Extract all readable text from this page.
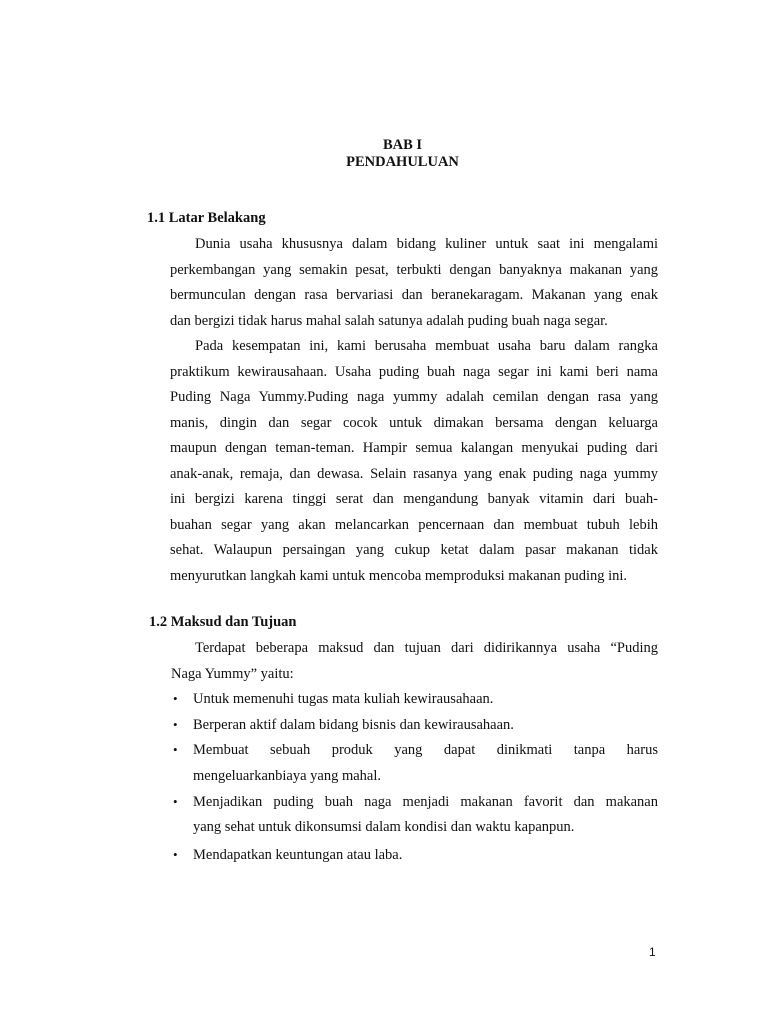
BAB I
PENDAHULUAN
1.1 Latar Belakang
Dunia usaha khususnya dalam bidang kuliner untuk saat ini mengalami
perkembangan yang semakin pesat, terbukti dengan banyaknya makanan yang
bermunculan dengan rasa bervariasi dan beranekaragam. Makanan yang enak
dan bergizi tidak harus mahal salah satunya adalah puding buah naga segar.
Pada kesempatan ini, kami berusaha membuat usaha baru dalam rangka
praktikum kewirausahaan. Usaha puding buah naga segar ini kami beri nama
Puding Naga Yummy.Puding naga yummy adalah cemilan dengan rasa yang
manis, dingin dan segar cocok untuk dimakan bersama dengan keluarga
maupun dengan teman-teman. Hampir semua kalangan menyukai puding dari
anak-anak, remaja, dan dewasa. Selain rasanya yang enak puding naga yummy
ini bergizi karena tinggi serat dan mengandung banyak vitamin dari buah-
buahan segar yang akan melancarkan pencernaan dan membuat tubuh lebih
sehat. Walaupun persaingan yang cukup ketat dalam pasar makanan tidak
menyurutkan langkah kami untuk mencoba memproduksi makanan puding ini.
1.2 Maksud dan Tujuan
Terdapat beberapa maksud dan tujuan dari didirikannya usaha “Puding
Naga Yummy” yaitu:
• Untuk memenuhi tugas mata kuliah kewirausahaan.
• Berperan aktif dalam bidang bisnis dan kewirausahaan.
• Membuat sebuah produk yang dapat dinikmati tanpa harus
mengeluarkanbiaya yang mahal.
• Menjadikan puding buah naga menjadi makanan favorit dan makanan
yang sehat untuk dikonsumsi dalam kondisi dan waktu kapanpun.
• Mendapatkan keuntungan atau laba.
1
